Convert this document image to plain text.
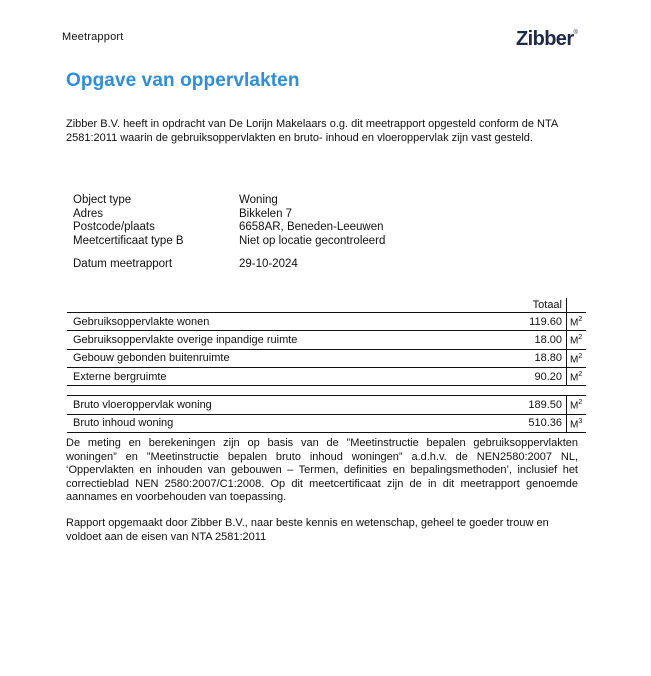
Meetrapport	Zibber®
Opgave van oppervlakten
Zibber B.V. heeft in opdracht van De Lorijn Makelaars o.g. dit meetrapport opgesteld conform de NTA 2581:2011 waarin de gebruiksoppervlakten en bruto- inhoud en vloeroppervlak zijn vast gesteld.
Object type	Woning
Adres	Bikkelen 7
Postcode/plaats	6658AR, Beneden-Leeuwen
Meetcertificaat type B	Niet op locatie gecontroleerd
Datum meetrapport	29-10-2024
	Totaal	
Gebruiksoppervlakte wonen	119.60	$M^2$
Gebruiksoppervlakte overige inpandige ruimte	18.00	$M^2$
Gebouw gebonden buitenruimte	18.80	$M^2$
Externe bergruimte	90.20	$M^2$

Bruto vloeroppervlak woning	189.50	$M^2$
Bruto inhoud woning	510.36	$M^3$
De meting en berekeningen zijn op basis van de ”Meetinstructie bepalen gebruiksoppervlakten woningen” en ”Meetinstructie bepalen bruto inhoud woningen” a.d.h.v. de NEN2580:2007 NL, ‘Oppervlakten en inhouden van gebouwen – Termen, definities en bepalingsmethoden’, inclusief het correctieblad NEN 2580:2007/C1:2008. Op dit meetcertificaat zijn de in dit meetrapport genoemde aannames en voorbehouden van toepassing.
Rapport opgemaakt door Zibber B.V., naar beste kennis en wetenschap, geheel te goeder trouw en voldoet aan de eisen van NTA 2581:2011
